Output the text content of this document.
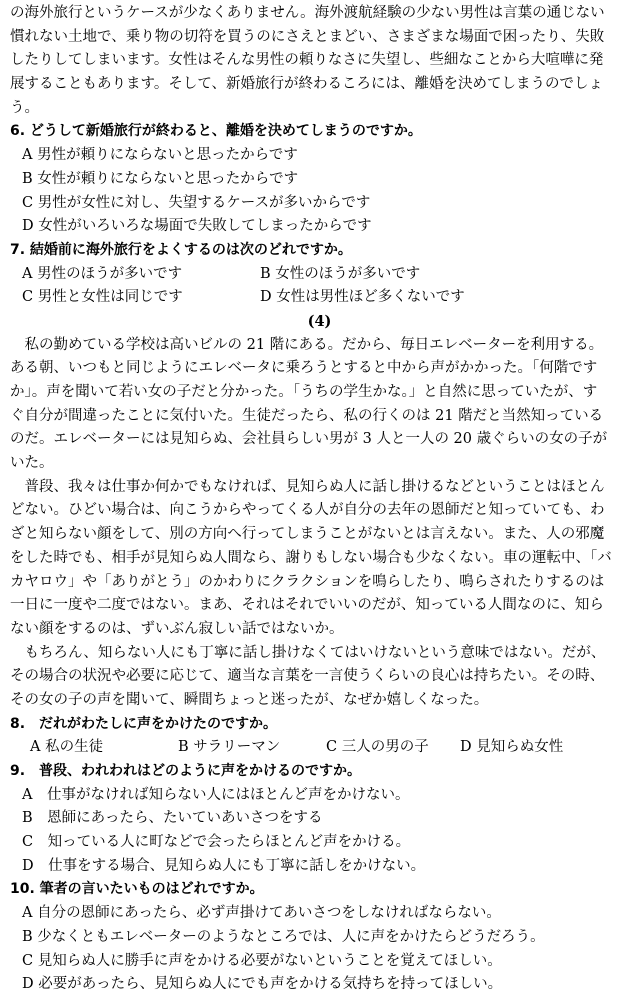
の海外旅行というケースが少なくありません。海外渡航経験の少ない男性は言葉の通じない
慣れない土地で、乗り物の切符を買うのにさえとまどい、さまざまな場面で困ったり、失敗
したりしてしまいます。女性はそんな男性の頼りなさに失望し、些細なことから大喧嘩に発
展することもあります。そして、新婚旅行が終わるころには、離婚を決めてしまうのでしょ
う。
6. どうして新婚旅行が終わると、離婚を決めてしまうのですか。
A 男性が頼りにならないと思ったからです
B 女性が頼りにならないと思ったからです
C 男性が女性に対し、失望するケースが多いからです
D 女性がいろいろな場面で失敗してしまったからです
7. 結婚前に海外旅行をよくするのは次のどれですか。
A 男性のほうが多いです	B 女性のほうが多いです
C 男性と女性は同じです	D 女性は男性ほど多くないです
(4)
　私の勤めている学校は高いビルの 21 階にある。だから、毎日エレベーターを利用する。
ある朝、いつもと同じようにエレベータに乗ろうとすると中から声がかかった。「何階です
か」。声を聞いて若い女の子だと分かった。「うちの学生かな。」と自然に思っていたが、す
ぐ自分が間違ったことに気付いた。生徒だったら、私の行くのは 21 階だと当然知っている
のだ。エレベーターには見知らぬ、会社員らしい男が 3 人と一人の 20 歳ぐらいの女の子が
いた。
　普段、我々は仕事か何かでもなければ、見知らぬ人に話し掛けるなどということはほとん
どない。ひどい場合は、向こうからやってくる人が自分の去年の恩師だと知っていても、わ
ざと知らない顔をして、別の方向へ行ってしまうことがないとは言えない。また、人の邪魔
をした時でも、相手が見知らぬ人間なら、謝りもしない場合も少なくない。車の運転中、「バ
カヤロウ」や「ありがとう」のかわりにクラクションを鳴らしたり、鳴らされたりするのは
一日に一度や二度ではない。まあ、それはそれでいいのだが、知っている人間なのに、知ら
ない顔をするのは、ずいぶん寂しい話ではないか。
　もちろん、知らない人にも丁寧に話し掛けなくてはいけないという意味ではない。だが、
その場合の状況や必要に応じて、適当な言葉を一言使うくらいの良心は持ちたい。その時、
その女の子の声を聞いて、瞬間ちょっと迷ったが、なぜか嬉しくなった。
8.　だれがわたしに声をかけたのですか。
A 私の生徒	B サラリーマン	C 三人の男の子	D 見知らぬ女性
9.　普段、われわれはどのように声をかけるのですか。
A　仕事がなければ知らない人にはほとんど声をかけない。
B　恩師にあったら、たいていあいさつをする
C　知っている人に町などで会ったらほとんど声をかける。
D　仕事をする場合、見知らぬ人にも丁寧に話しをかけない。
10. 筆者の言いたいものはどれですか。
A 自分の恩師にあったら、必ず声掛けてあいさつをしなければならない。
B 少なくともエレベーターのようなところでは、人に声をかけたらどうだろう。
C 見知らぬ人に勝手に声をかける必要がないということを覚えてほしい。
D 必要があったら、見知らぬ人にでも声をかける気持ちを持ってほしい。
